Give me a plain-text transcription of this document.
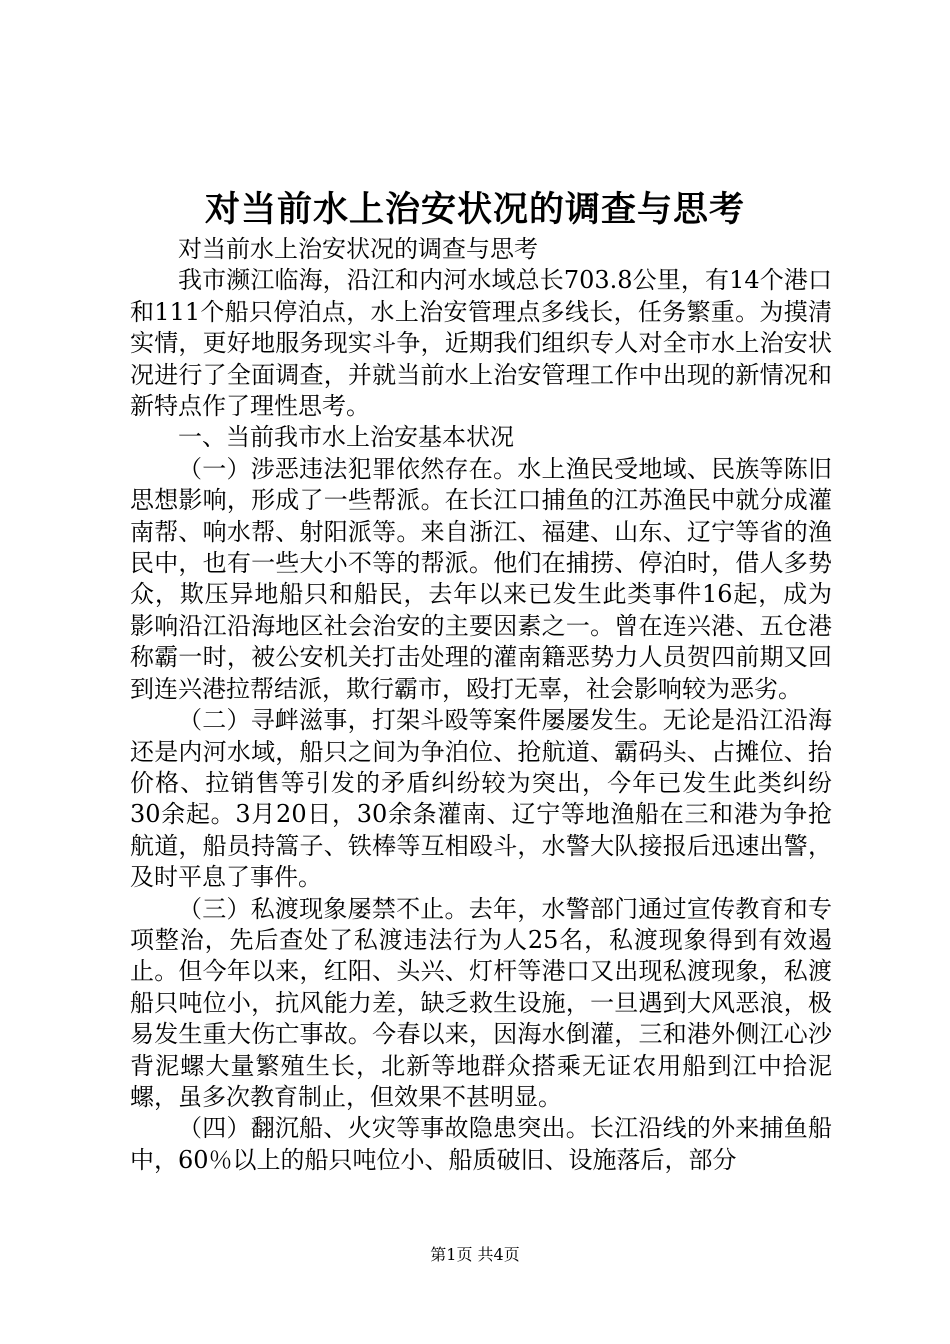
对当前水上治安状况的调查与思考

对当前水上治安状况的调查与思考

我市濒江临海，沿江和内河水域总长703.8公里，有14个港口和111个船只停泊点，水上治安管理点多线长，任务繁重。为摸清实情，更好地服务现实斗争，近期我们组织专人对全市水上治安状况进行了全面调查，并就当前水上治安管理工作中出现的新情况和新特点作了理性思考。

一、当前我市水上治安基本状况

（一）涉恶违法犯罪依然存在。水上渔民受地域、民族等陈旧思想影响，形成了一些帮派。在长江口捕鱼的江苏渔民中就分成灌南帮、响水帮、射阳派等。来自浙江、福建、山东、辽宁等省的渔民中，也有一些大小不等的帮派。他们在捕捞、停泊时，借人多势众，欺压异地船只和船民，去年以来已发生此类事件16起，成为影响沿江沿海地区社会治安的主要因素之一。曾在连兴港、五仓港称霸一时，被公安机关打击处理的灌南籍恶势力人员贺四前期又回到连兴港拉帮结派，欺行霸市，殴打无辜，社会影响较为恶劣。

（二）寻衅滋事，打架斗殴等案件屡屡发生。无论是沿江沿海还是内河水域，船只之间为争泊位、抢航道、霸码头、占摊位、抬价格、拉销售等引发的矛盾纠纷较为突出，今年已发生此类纠纷30余起。3月20日，30余条灌南、辽宁等地渔船在三和港为争抢航道，船员持篙子、铁棒等互相殴斗，水警大队接报后迅速出警，及时平息了事件。

（三）私渡现象屡禁不止。去年，水警部门通过宣传教育和专项整治，先后查处了私渡违法行为人25名，私渡现象得到有效遏止。但今年以来，红阳、头兴、灯杆等港口又出现私渡现象，私渡船只吨位小，抗风能力差，缺乏救生设施，一旦遇到大风恶浪，极易发生重大伤亡事故。今春以来，因海水倒灌，三和港外侧江心沙背泥螺大量繁殖生长，北新等地群众搭乘无证农用船到江中拾泥螺，虽多次教育制止，但效果不甚明显。

（四）翻沉船、火灾等事故隐患突出。长江沿线的外来捕鱼船中，60％以上的船只吨位小、船质破旧、设施落后，部分

第1页 共4页
